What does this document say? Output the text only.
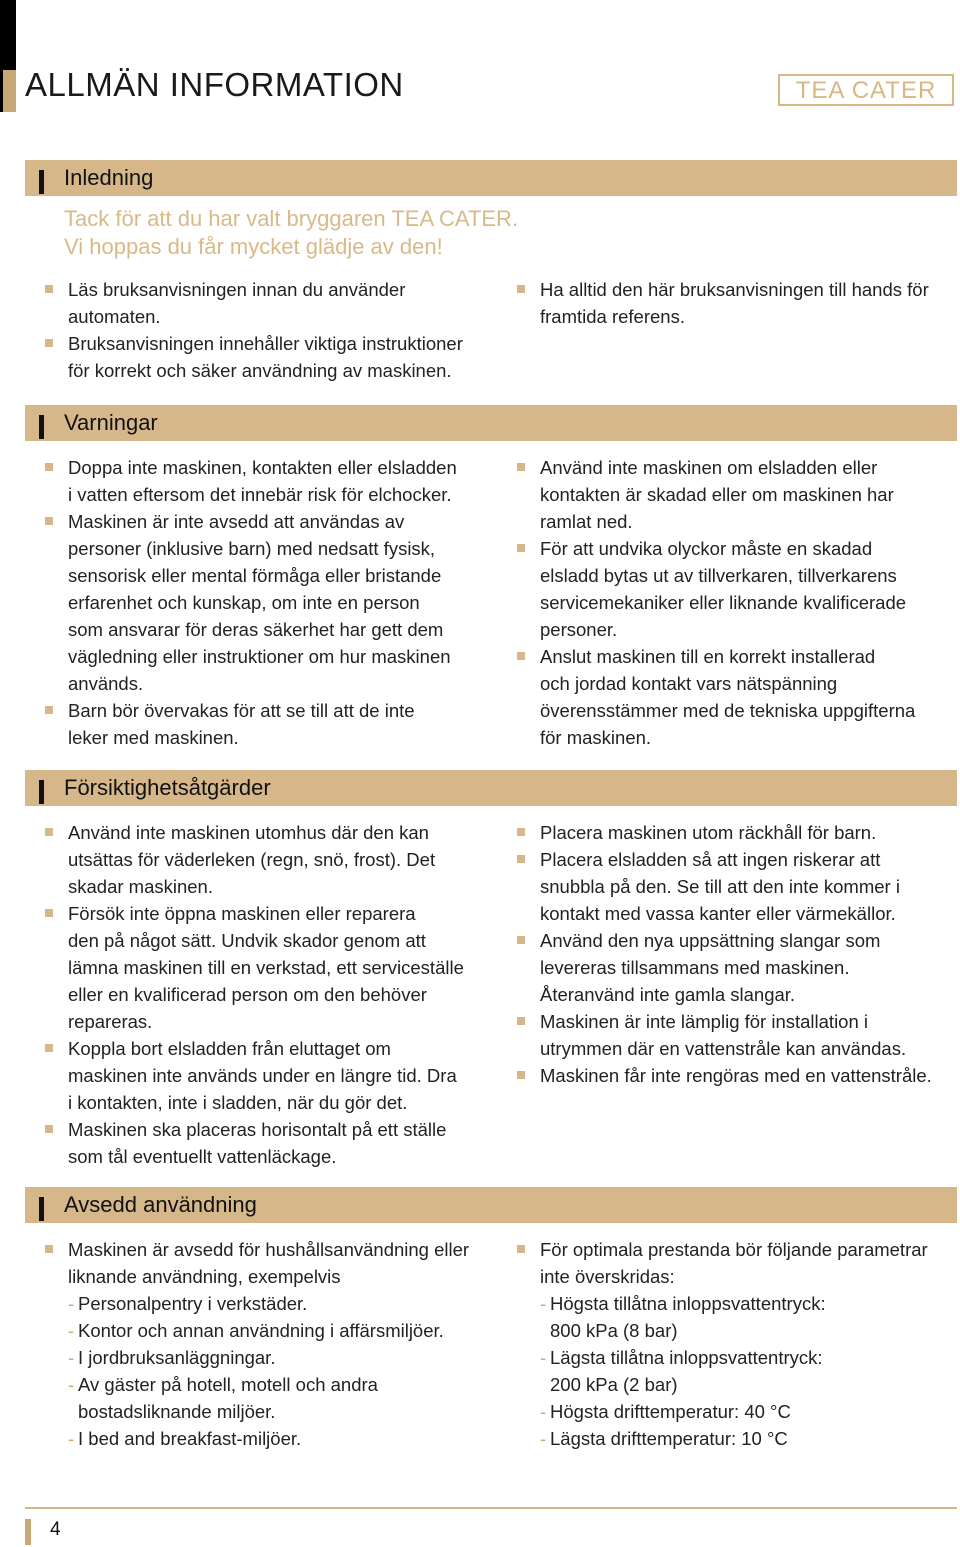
ALLMÄN INFORMATION	TEA CATER
Inledning
Tack för att du har valt bryggaren TEA CATER.
Vi hoppas du får mycket glädje av den!
Läs bruksanvisningen innan du använder
automaten.
Bruksanvisningen innehåller viktiga instruktioner
för korrekt och säker användning av maskinen.
Ha alltid den här bruksanvisningen till hands för
framtida referens.
Varningar
Doppa inte maskinen, kontakten eller elsladden
i vatten eftersom det innebär risk för elchocker.
Maskinen är inte avsedd att användas av
personer (inklusive barn) med nedsatt fysisk,
sensorisk eller mental förmåga eller bristande
erfarenhet och kunskap, om inte en person
som ansvarar för deras säkerhet har gett dem
vägledning eller instruktioner om hur maskinen
används.
Barn bör övervakas för att se till att de inte
leker med maskinen.
Använd inte maskinen om elsladden eller
kontakten är skadad eller om maskinen har
ramlat ned.
För att undvika olyckor måste en skadad
elsladd bytas ut av tillverkaren, tillverkarens
servicemekaniker eller liknande kvalificerade
personer.
Anslut maskinen till en korrekt installerad
och jordad kontakt vars nätspänning
överensstämmer med de tekniska uppgifterna
för maskinen.
Försiktighetsåtgärder
Använd inte maskinen utomhus där den kan
utsättas för väderleken (regn, snö, frost). Det
skadar maskinen.
Försök inte öppna maskinen eller reparera
den på något sätt. Undvik skador genom att
lämna maskinen till en verkstad, ett serviceställe
eller en kvalificerad person om den behöver
repareras.
Koppla bort elsladden från eluttaget om
maskinen inte används under en längre tid. Dra
i kontakten, inte i sladden, när du gör det.
Maskinen ska placeras horisontalt på ett ställe
som tål eventuellt vattenläckage.
Placera maskinen utom räckhåll för barn.
Placera elsladden så att ingen riskerar att
snubbla på den. Se till att den inte kommer i
kontakt med vassa kanter eller värmekällor.
Använd den nya uppsättning slangar som
levereras tillsammans med maskinen.
Återanvänd inte gamla slangar.
Maskinen är inte lämplig för installation i
utrymmen där en vattenstråle kan användas.
Maskinen får inte rengöras med en vattenstråle.
Avsedd användning
Maskinen är avsedd för hushållsanvändning eller
liknande användning, exempelvis
- Personalpentry i verkstäder.
- Kontor och annan användning i affärsmiljöer.
- I jordbruksanläggningar.
- Av gäster på hotell, motell och andra
bostadsliknande miljöer.
- I bed and breakfast-miljöer.
För optimala prestanda bör följande parametrar
inte överskridas:
- Högsta tillåtna inloppsvattentryck:
800 kPa (8 bar)
- Lägsta tillåtna inloppsvattentryck:
200 kPa (2 bar)
- Högsta drifttemperatur: 40 °C
- Lägsta drifttemperatur: 10 °C
4
